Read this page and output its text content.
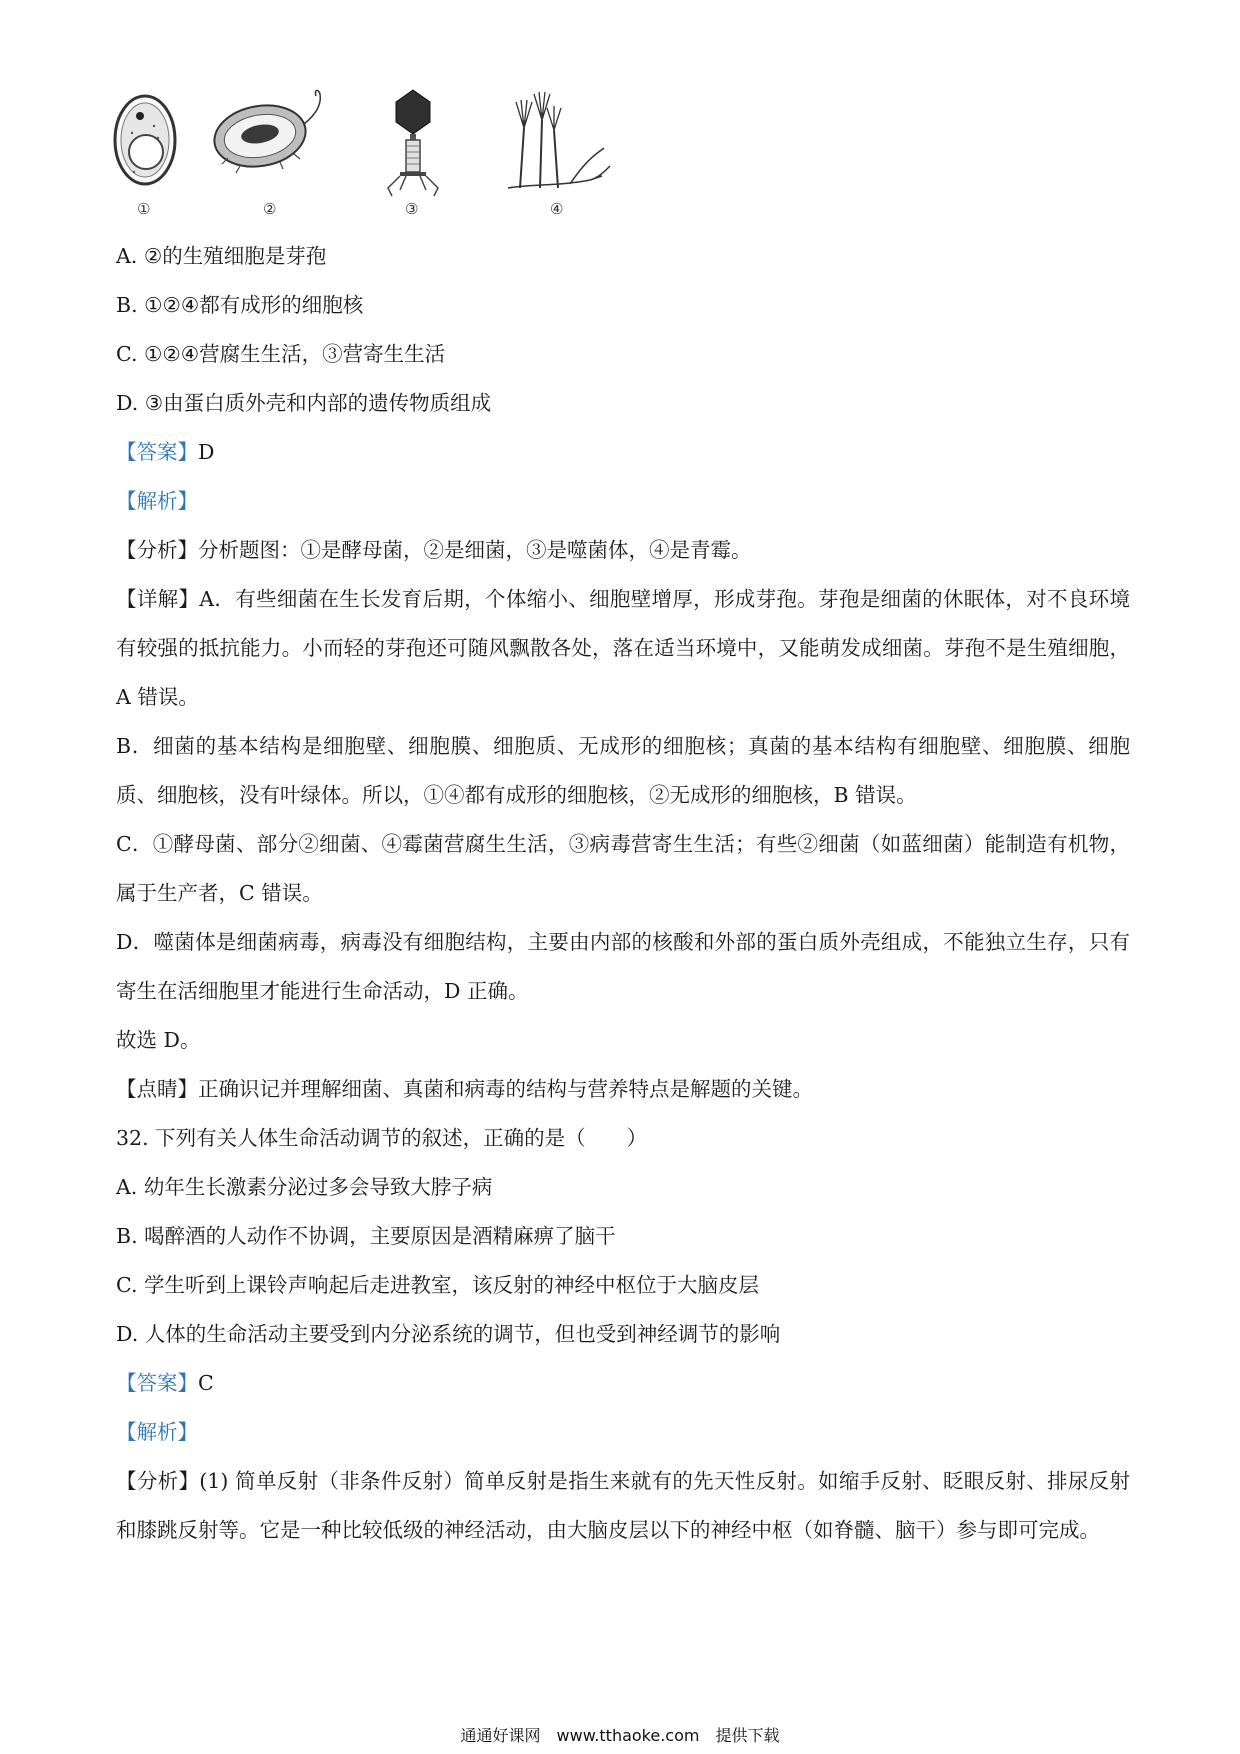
①	②	③	④

A. ②的生殖细胞是芽孢

B. ①②④都有成形的细胞核

C. ①②④营腐生生活，③营寄生生活

D. ③由蛋白质外壳和内部的遗传物质组成

【答案】D

【解析】

【分析】分析题图：①是酵母菌，②是细菌，③是噬菌体，④是青霉。

【详解】A．有些细菌在生长发育后期，个体缩小、细胞壁增厚，形成芽孢。芽孢是细菌的休眠体，对不良环境有较强的抵抗能力。小而轻的芽孢还可随风飘散各处，落在适当环境中，又能萌发成细菌。芽孢不是生殖细胞，A 错误。

B．细菌的基本结构是细胞壁、细胞膜、细胞质、无成形的细胞核；真菌的基本结构有细胞壁、细胞膜、细胞质、细胞核，没有叶绿体。所以，①④都有成形的细胞核，②无成形的细胞核，B 错误。

C．①酵母菌、部分②细菌、④霉菌营腐生生活，③病毒营寄生生活；有些②细菌（如蓝细菌）能制造有机物，属于生产者，C 错误。

D．噬菌体是细菌病毒，病毒没有细胞结构，主要由内部的核酸和外部的蛋白质外壳组成，不能独立生存，只有寄生在活细胞里才能进行生命活动，D 正确。

故选 D。

【点睛】正确识记并理解细菌、真菌和病毒的结构与营养特点是解题的关键。

32. 下列有关人体生命活动调节的叙述，正确的是（　　）

A. 幼年生长激素分泌过多会导致大脖子病

B. 喝醉酒的人动作不协调，主要原因是酒精麻痹了脑干

C. 学生听到上课铃声响起后走进教室，该反射的神经中枢位于大脑皮层

D. 人体的生命活动主要受到内分泌系统的调节，但也受到神经调节的影响

【答案】C

【解析】

【分析】(1) 简单反射（非条件反射）简单反射是指生来就有的先天性反射。如缩手反射、眨眼反射、排尿反射和膝跳反射等。它是一种比较低级的神经活动，由大脑皮层以下的神经中枢（如脊髓、脑干）参与即可完成。

通通好课网　www.tthaoke.com　提供下载
